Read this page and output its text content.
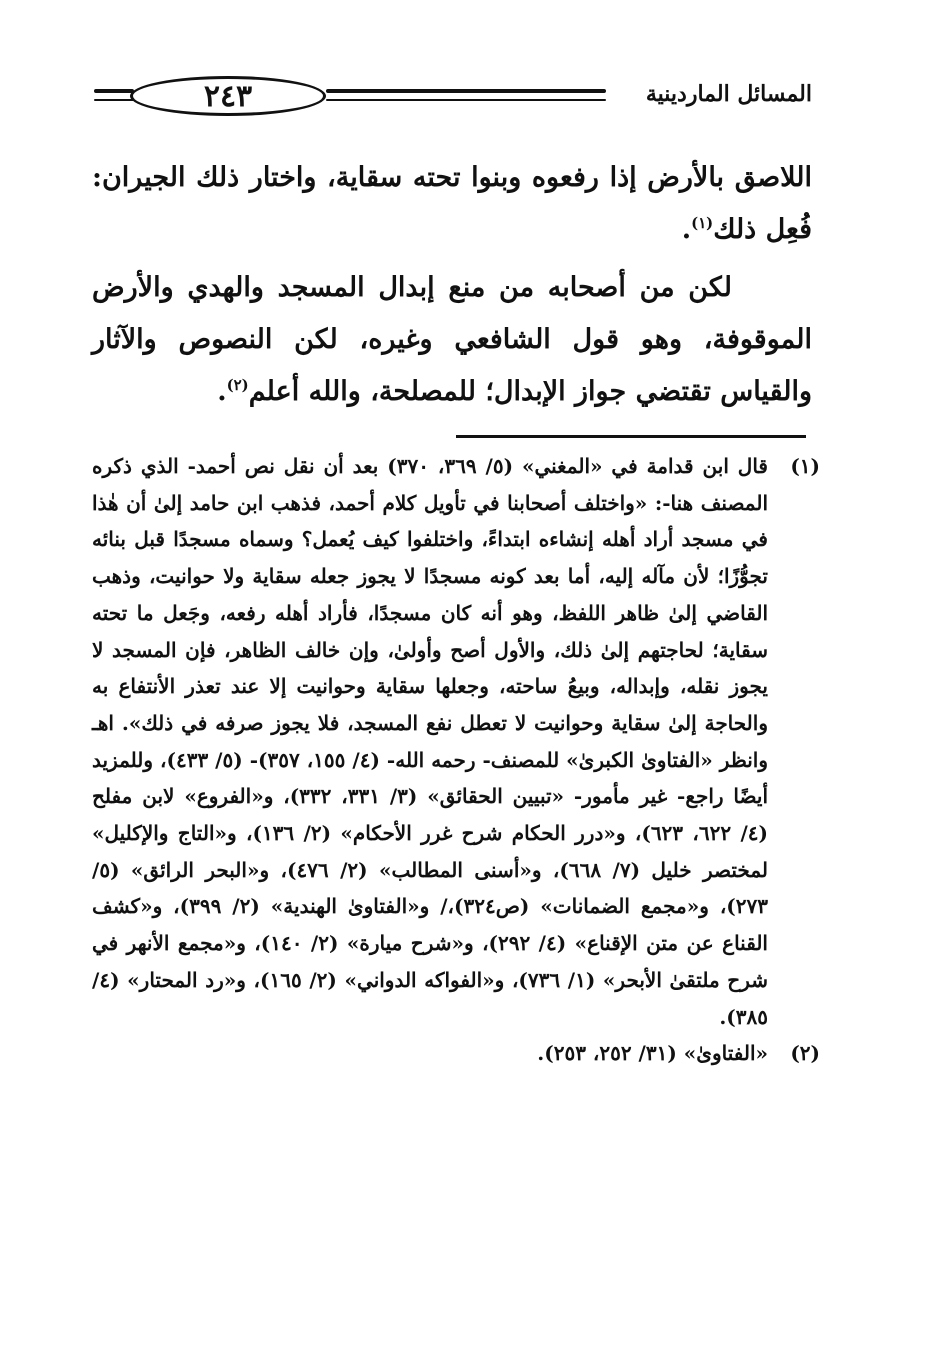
٢٤٣	المسائل الماردينية

اللاصق بالأرض إذا رفعوه وبنوا تحته سقاية، واختار ذلك الجيران: فُعِل ذلك$^{(١)}$.

لكن من أصحابه من منع إبدال المسجد والهدي والأرض الموقوفة، وهو قول الشافعي وغيره، لكن النصوص والآثار والقياس تقتضي جواز الإبدال؛ للمصلحة، والله أعلم$^{(٢)}$.

(١)
قال ابن قدامة في «المغني» (٥/ ٣٦٩، ٣٧٠) بعد أن نقل نص أحمد- الذي ذكره المصنف هنا-: «واختلف أصحابنا في تأويل كلام أحمد، فذهب ابن حامد إلىٰ أن هٰذا في مسجد أراد أهله إنشاءه ابتداءً، واختلفوا كيف يُعمل؟ وسماه مسجدًا قبل بنائه تجوُّزًا؛ لأن مآله إليه، أما بعد كونه مسجدًا لا يجوز جعله سقاية ولا حوانيت، وذهب القاضي إلىٰ ظاهر اللفظ، وهو أنه كان مسجدًا، فأراد أهله رفعه، وجَعل ما تحته سقاية؛ لحاجتهم إلىٰ ذلك، والأول أصح وأولىٰ، وإن خالف الظاهر، فإن المسجد لا يجوز نقله، وإبداله، وبيعُ ساحته، وجعلها سقاية وحوانيت إلا عند تعذر الأنتفاع به والحاجة إلىٰ سقاية وحوانيت لا تعطل نفع المسجد، فلا يجوز صرفه في ذلك». اهـ وانظر «الفتاوىٰ الكبرىٰ» للمصنف- رحمه الله- (٤/ ١٥٥، ٣٥٧)- (٥/ ٤٣٣)، وللمزيد أيضًا راجع- غير مأمور- «تبيين الحقائق» (٣/ ٣٣١، ٣٣٢)، و«الفروع» لابن مفلح (٤/ ٦٢٢، ٦٢٣)، و«درر الحكام شرح غرر الأحكام» (٢/ ١٣٦)، و«التاج والإكليل» لمختصر خليل (٧/ ٦٦٨)، و«أسنى المطالب» (٢/ ٤٧٦)، و«البحر الرائق» (٥/ ٢٧٣)، و«مجمع الضمانات» (ص٣٢٤)،/ و«الفتاوىٰ الهندية» (٢/ ٣٩٩)، و«كشف القناع عن متن الإقناع» (٤/ ٢٩٢)، و«شرح ميارة» (٢/ ١٤٠)، و«مجمع الأنهر في شرح ملتقىٰ الأبحر» (١/ ٧٣٦)، و«الفواكه الدواني» (٢/ ١٦٥)، و«رد المحتار» (٤/ ٣٨٥).

(٢)
«الفتاوىٰ» (٣١/ ٢٥٢، ٢٥٣).
